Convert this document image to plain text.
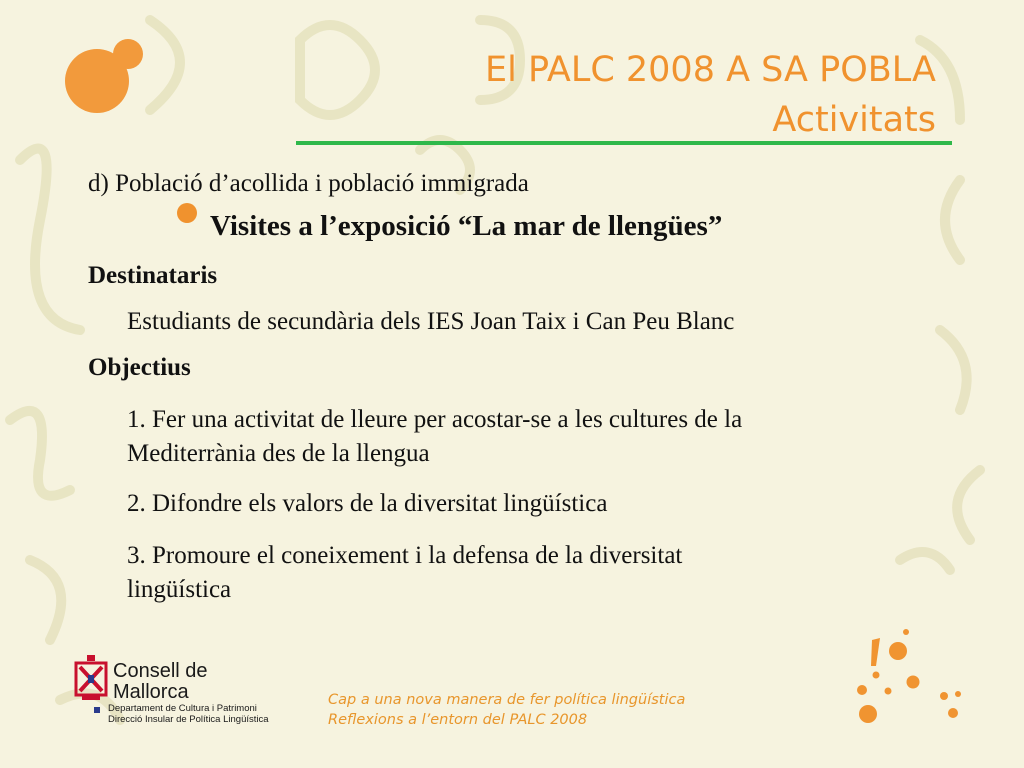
El PALC 2008 A SA POBLA
Activitats

d) Població d’acollida i població immigrada

Visites a l’exposició “La mar de llengües”

Destinataris

Estudiants de secundària dels IES Joan Taix i Can Peu Blanc

Objectius

1. Fer una activitat de lleure per acostar-se a les cultures de la

Mediterrània des de la llengua

2. Difondre els valors de la diversitat lingüística

3. Promoure el coneixement i la defensa de la diversitat

lingüística

Consell de

Mallorca

Departament de Cultura i Patrimoni

Direcció Insular de Política Lingüística

Cap a una nova manera de fer política lingüística

Reflexions a l’entorn del PALC 2008
